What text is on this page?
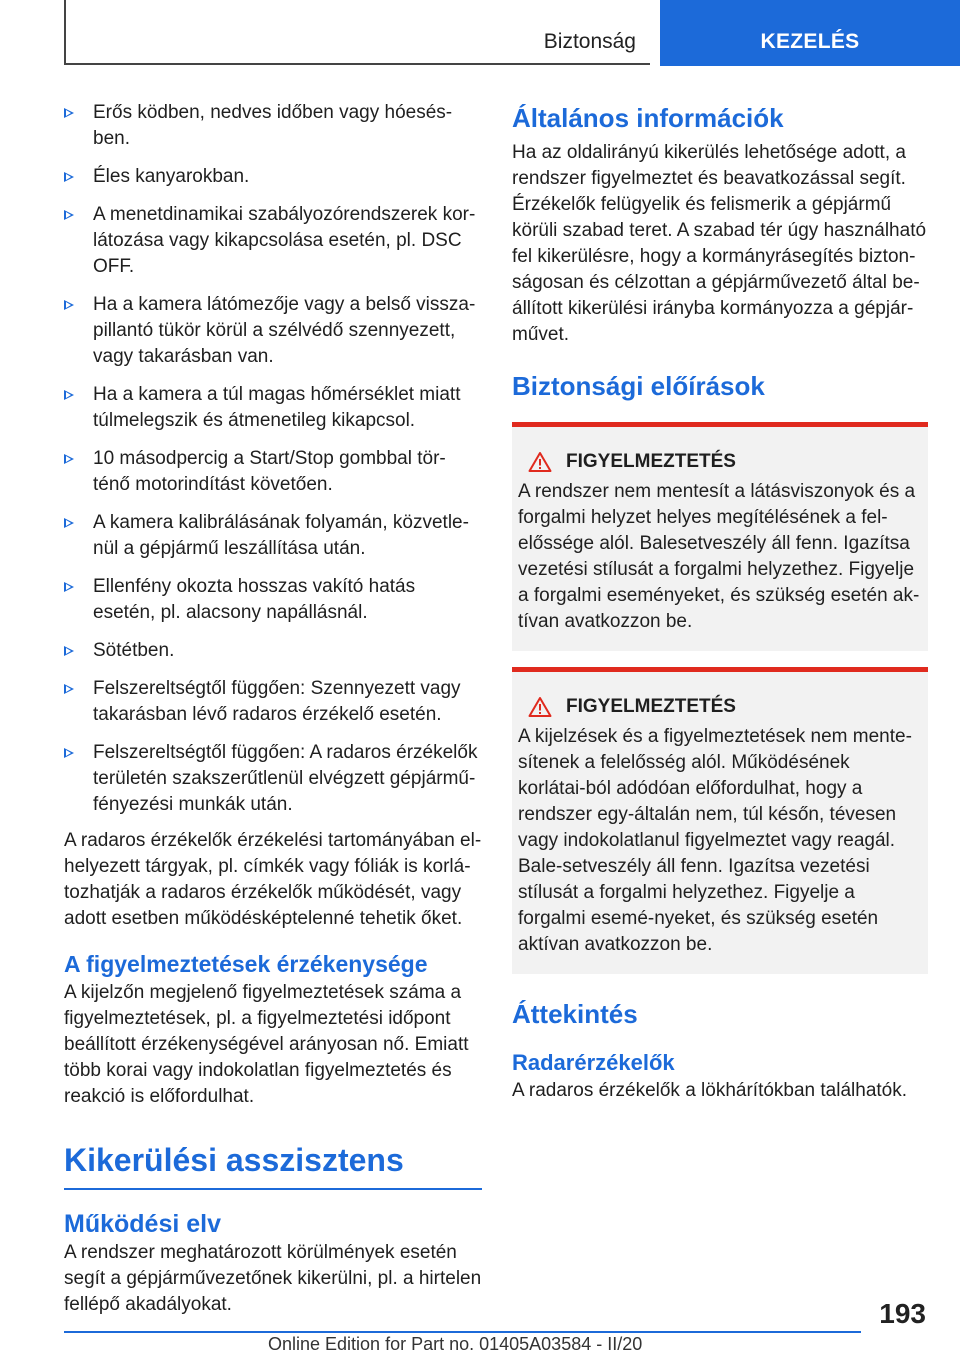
Biztonság	KEZELÉS
Erős ködben, nedves időben vagy hóesés-ben.
Éles kanyarokban.
A menetdinamikai szabályozórendszerek kor-látozása vagy kikapcsolása esetén, pl. DSC OFF.
Ha a kamera látómezője vagy a belső vissza-pillantó tükör körül a szélvédő szennyezett, vagy takarásban van.
Ha a kamera a túl magas hőmérséklet miatt túlmelegszik és átmenetileg kikapcsol.
10 másodpercig a Start/Stop gombbal tör-ténő motorindítást követően.
A kamera kalibrálásának folyamán, közvetle-nül a gépjármű leszállítása után.
Ellenfény okozta hosszas vakító hatás esetén, pl. alacsony napállásnál.
Sötétben.
Felszereltségtől függően: Szennyezett vagy takarásban lévő radaros érzékelő esetén.
Felszereltségtől függően: A radaros érzékelők területén szakszerűtlenül elvégzett gépjármű-fényezési munkák után.

A radaros érzékelők érzékelési tartományában el-helyezett tárgyak, pl. címkék vagy fóliák is korlá-tozhatják a radaros érzékelők működését, vagy adott esetben működésképtelenné tehetik őket.

A figyelmeztetések érzékenysége

A kijelzőn megjelenő figyelmeztetések száma a figyelmeztetések, pl. a figyelmeztetési időpont beállított érzékenységével arányosan nő. Emiatt több korai vagy indokolatlan figyelmeztetés és reakció is előfordulhat.

Kikerülési asszisztens
Működési elv

A rendszer meghatározott körülmények esetén segít a gépjárművezetőnek kikerülni, pl. a hirtelen fellépő akadályokat.

Általános információk

Ha az oldalirányú kikerülés lehetősége adott, a rendszer figyelmeztet és beavatkozással segít. Érzékelők felügyelik és felismerik a gépjármű körüli szabad teret. A szabad tér úgy használható fel kikerülésre, hogy a kormányrásegítés bizton-ságosan és célzottan a gépjárművezető által be-állított kikerülési irányba kormányozza a gépjár-művet.

Biztonsági előírások
FIGYELMEZTETÉS

A rendszer nem mentesít a látásviszonyok és a forgalmi helyzet helyes megítélésének a fel-előssége alól. Balesetveszély áll fenn. Igazítsa vezetési stílusát a forgalmi helyzethez. Figyelje a forgalmi eseményeket, és szükség esetén ak-tívan avatkozzon be.

FIGYELMEZTETÉS

A kijelzések és a figyelmeztetések nem mente-sítenek a felelősség alól. Működésének korlátai-ból adódóan előfordulhat, hogy a rendszer egy-általán nem, túl későn, tévesen vagy indokolatlanul figyelmeztet vagy reagál. Bale-setveszély áll fenn. Igazítsa vezetési stílusát a forgalmi helyzethez. Figyelje a forgalmi esemé-nyeket, és szükség esetén aktívan avatkozzon be.

Áttekintés
Radarérzékelők

A radaros érzékelők a lökhárítókban találhatók.

193
Online Edition for Part no. 01405A03584 - II/20
